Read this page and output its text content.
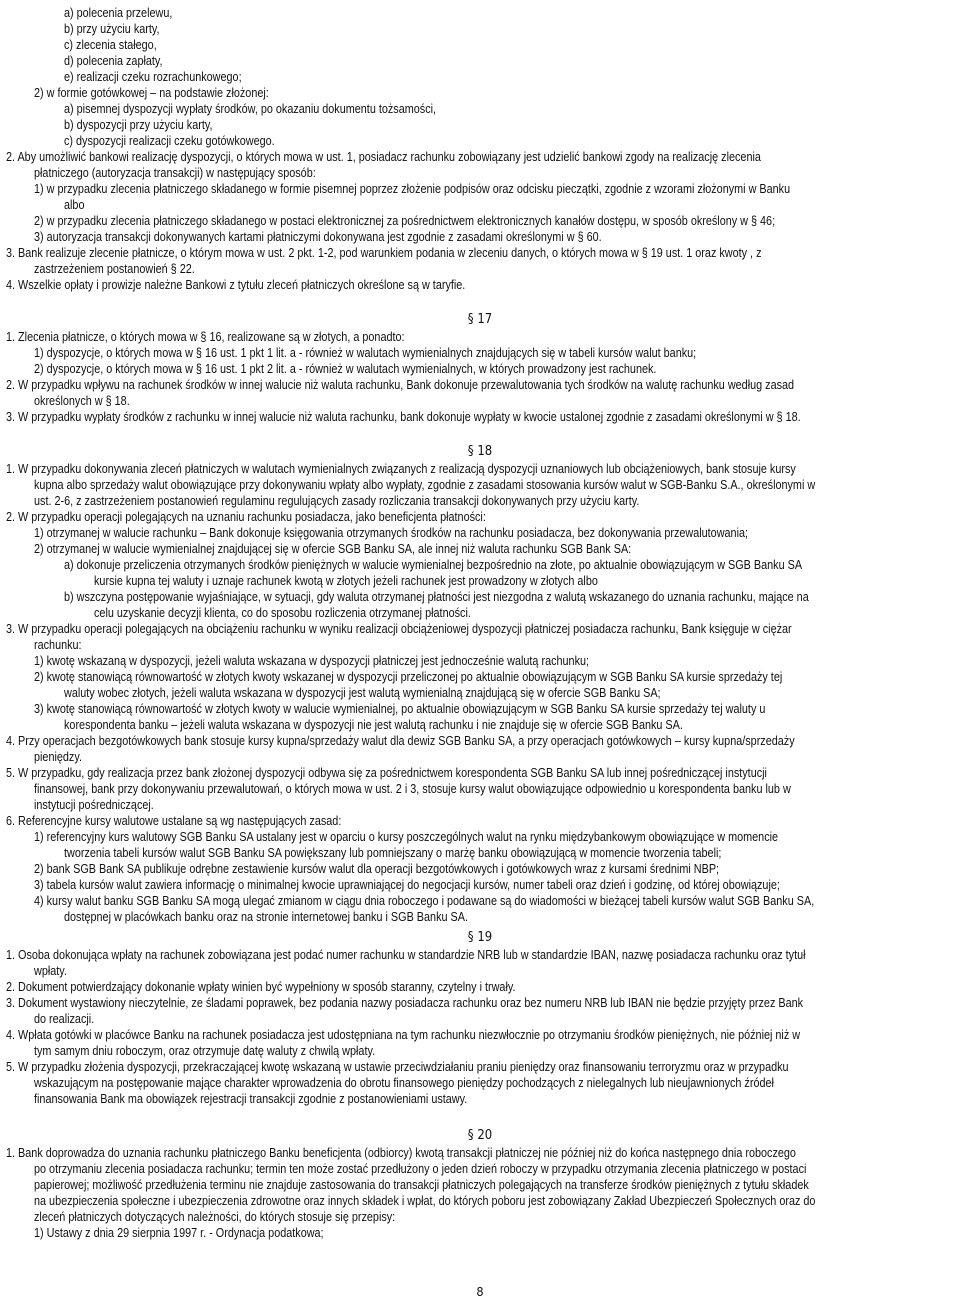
a) polecenia przelewu,
b) przy użyciu karty,
c) zlecenia stałego,
d) polecenia zapłaty,
e) realizacji czeku rozrachunkowego;
2) w formie gotówkowej – na podstawie złożonej:
a) pisemnej dyspozycji wypłaty środków, po okazaniu dokumentu tożsamości,
b) dyspozycji przy użyciu karty,
c) dyspozycji realizacji czeku gotówkowego.
2. Aby umożliwić bankowi realizację dyspozycji, o których mowa w ust. 1, posiadacz rachunku zobowiązany jest udzielić bankowi zgody na realizację zlecenia
płatniczego (autoryzacja transakcji) w następujący sposób:
1) w przypadku zlecenia płatniczego składanego w formie pisemnej poprzez złożenie podpisów oraz odcisku pieczątki, zgodnie z wzorami złożonymi w Banku
albo
2) w przypadku zlecenia płatniczego składanego w postaci elektronicznej za pośrednictwem elektronicznych kanałów dostępu, w sposób określony w § 46;
3) autoryzacja transakcji dokonywanych kartami płatniczymi dokonywana jest zgodnie z zasadami określonymi w § 60.
3. Bank realizuje zlecenie płatnicze, o którym mowa w ust. 2 pkt. 1-2, pod warunkiem podania w zleceniu danych, o których mowa w § 19 ust. 1 oraz kwoty , z
zastrzeżeniem postanowień § 22.
4. Wszelkie opłaty i prowizje należne Bankowi z tytułu zleceń płatniczych określone są w taryfie.
§ 17
1. Zlecenia płatnicze, o których mowa w § 16, realizowane są w złotych, a ponadto:
1) dyspozycje, o których mowa w § 16 ust. 1 pkt 1 lit. a - również w walutach wymienialnych znajdujących się w tabeli kursów walut banku;
2) dyspozycje, o których mowa w § 16 ust. 1 pkt 2 lit. a - również w walutach wymienialnych, w których prowadzony jest rachunek.
2. W przypadku wpływu na rachunek środków w innej walucie niż waluta rachunku, Bank dokonuje przewalutowania tych środków na walutę rachunku według zasad
określonych w § 18.
3. W przypadku wypłaty środków z rachunku w innej walucie niż waluta rachunku, bank dokonuje wypłaty w kwocie ustalonej zgodnie z zasadami określonymi w § 18.
§ 18
1. W przypadku dokonywania zleceń płatniczych w walutach wymienialnych związanych z realizacją dyspozycji uznaniowych lub obciążeniowych, bank stosuje kursy
kupna albo sprzedaży walut obowiązujące przy dokonywaniu wpłaty albo wypłaty, zgodnie z zasadami stosowania kursów walut w SGB-Banku S.A., określonymi w
ust. 2-6, z zastrzeżeniem postanowień regulaminu regulujących zasady rozliczania transakcji dokonywanych przy użyciu karty.
2. W przypadku operacji polegających na uznaniu rachunku posiadacza, jako beneficjenta płatności:
1) otrzymanej w walucie rachunku – Bank dokonuje księgowania otrzymanych środków na rachunku posiadacza, bez dokonywania przewalutowania;
2) otrzymanej w walucie wymienialnej znajdującej się w ofercie SGB Banku SA, ale innej niż waluta rachunku SGB Bank SA:
a) dokonuje przeliczenia otrzymanych środków pieniężnych w walucie wymienialnej bezpośrednio na złote, po aktualnie obowiązującym w SGB Banku SA
kursie kupna tej waluty i uznaje rachunek kwotą w złotych jeżeli rachunek jest prowadzony w złotych albo
b) wszczyna postępowanie wyjaśniające, w sytuacji, gdy waluta otrzymanej płatności jest niezgodna z walutą wskazanego do uznania rachunku, mające na
celu uzyskanie decyzji klienta, co do sposobu rozliczenia otrzymanej płatności.
3. W przypadku operacji polegających na obciążeniu rachunku w wyniku realizacji obciążeniowej dyspozycji płatniczej posiadacza rachunku, Bank księguje w ciężar
rachunku:
1) kwotę wskazaną w dyspozycji, jeżeli waluta wskazana w dyspozycji płatniczej jest jednocześnie walutą rachunku;
2) kwotę stanowiącą równowartość w złotych kwoty wskazanej w dyspozycji przeliczonej po aktualnie obowiązującym w SGB Banku SA kursie sprzedaży tej
waluty wobec złotych, jeżeli waluta wskazana w dyspozycji jest walutą wymienialną znajdującą się w ofercie SGB Banku SA;
3) kwotę stanowiącą równowartość w złotych kwoty w walucie wymienialnej, po aktualnie obowiązującym w SGB Banku SA kursie sprzedaży tej waluty u
korespondenta banku – jeżeli waluta wskazana w dyspozycji nie jest walutą rachunku i nie znajduje się w ofercie SGB Banku SA.
4. Przy operacjach bezgotówkowych bank stosuje kursy kupna/sprzedaży walut dla dewiz SGB Banku SA, a przy operacjach gotówkowych – kursy kupna/sprzedaży
pieniędzy.
5. W przypadku, gdy realizacja przez bank złożonej dyspozycji odbywa się za pośrednictwem korespondenta SGB Banku SA lub innej pośredniczącej instytucji
finansowej, bank przy dokonywaniu przewalutowań, o których mowa w ust. 2 i 3, stosuje kursy walut obowiązujące odpowiednio u korespondenta banku lub w
instytucji pośredniczącej.
6. Referencyjne kursy walutowe ustalane są wg następujących zasad:
1) referencyjny kurs walutowy SGB Banku SA ustalany jest w oparciu o kursy poszczególnych walut na rynku międzybankowym obowiązujące w momencie
tworzenia tabeli kursów walut SGB Banku SA powiększany lub pomniejszany o marżę banku obowiązującą w momencie tworzenia tabeli;
2) bank SGB Bank SA publikuje odrębne zestawienie kursów walut dla operacji bezgotówkowych i gotówkowych wraz z kursami średnimi NBP;
3) tabela kursów walut zawiera informację o minimalnej kwocie uprawniającej do negocjacji kursów, numer tabeli oraz dzień i godzinę, od której obowiązuje;
4) kursy walut banku SGB Banku SA mogą ulegać zmianom w ciągu dnia roboczego i podawane są do wiadomości w bieżącej tabeli kursów walut SGB Banku SA,
dostępnej w placówkach banku oraz na stronie internetowej banku i SGB Banku SA.
§ 19
1. Osoba dokonująca wpłaty na rachunek zobowiązana jest podać numer rachunku w standardzie NRB lub w standardzie IBAN, nazwę posiadacza rachunku oraz tytuł
wpłaty.
2. Dokument potwierdzający dokonanie wpłaty winien być wypełniony w sposób staranny, czytelny i trwały.
3. Dokument wystawiony nieczytelnie, ze śladami poprawek, bez podania nazwy posiadacza rachunku oraz bez numeru NRB lub IBAN nie będzie przyjęty przez Bank
do realizacji.
4. Wpłata gotówki w placówce Banku na rachunek posiadacza jest udostępniana na tym rachunku niezwłocznie po otrzymaniu środków pieniężnych, nie później niż w
tym samym dniu roboczym, oraz otrzymuje datę waluty z chwilą wpłaty.
5. W przypadku złożenia dyspozycji, przekraczającej kwotę wskazaną w ustawie przeciwdziałaniu praniu pieniędzy oraz finansowaniu terroryzmu oraz w przypadku
wskazującym na postępowanie mające charakter wprowadzenia do obrotu finansowego pieniędzy pochodzących z nielegalnych lub nieujawnionych źródeł
finansowania Bank ma obowiązek rejestracji transakcji zgodnie z postanowieniami ustawy.
§ 20
1. Bank doprowadza do uznania rachunku płatniczego Banku beneficjenta (odbiorcy) kwotą transakcji płatniczej nie później niż do końca następnego dnia roboczego
po otrzymaniu zlecenia posiadacza rachunku; termin ten może zostać przedłużony o jeden dzień roboczy w przypadku otrzymania zlecenia płatniczego w postaci
papierowej; możliwość przedłużenia terminu nie znajduje zastosowania do transakcji płatniczych polegających na transferze środków pieniężnych z tytułu składek
na ubezpieczenia społeczne i ubezpieczenia zdrowotne oraz innych składek i wpłat, do których poboru jest zobowiązany Zakład Ubezpieczeń Społecznych oraz do
zleceń płatniczych dotyczących należności, do których stosuje się przepisy:
1) Ustawy z dnia 29 sierpnia 1997 r. - Ordynacja podatkowa;
8
